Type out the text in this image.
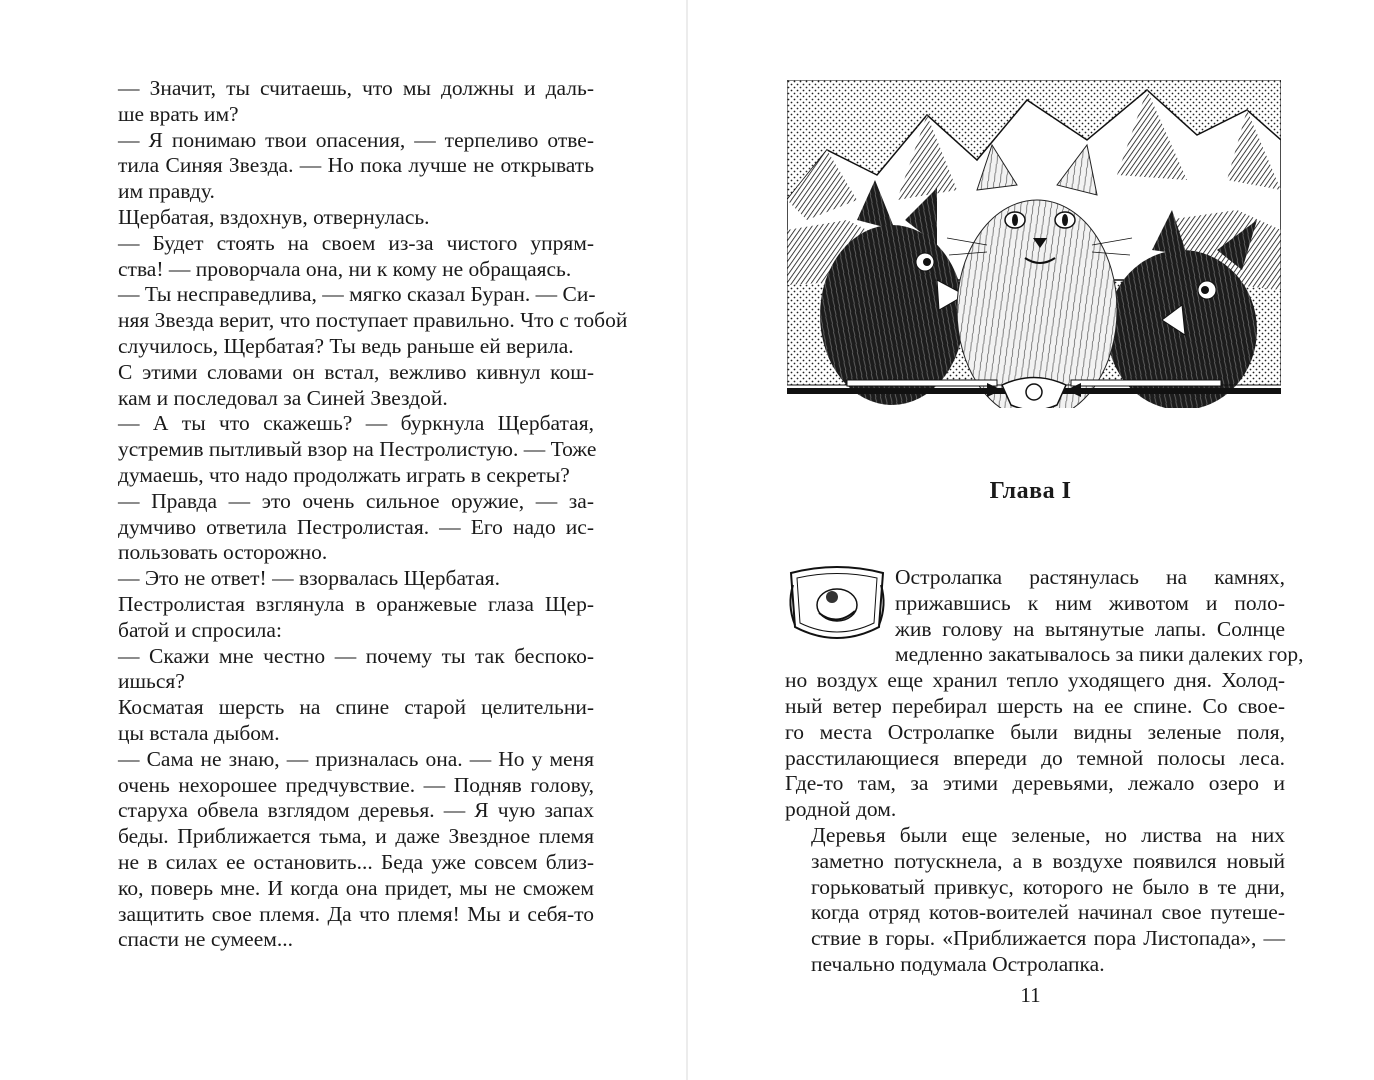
— Значит, ты считаешь, что мы должны и даль-
ше врать им?

— Я понимаю твои опасения, — терпеливо отве-
тила Синяя Звезда. — Но пока лучше не открывать
им правду.

Щербатая, вздохнув, отвернулась.

— Будет стоять на своем из-за чистого упрям-
ства! — проворчала она, ни к кому не обращаясь.

— Ты несправедлива, — мягко сказал Буран. — Си-
няя Звезда верит, что поступает правильно. Что с тобой
случилось, Щербатая? Ты ведь раньше ей верила.

С этими словами он встал, вежливо кивнул кош-
кам и последовал за Синей Звездой.

— А ты что скажешь? — буркнула Щербатая,
устремив пытливый взор на Пестролистую. — Тоже
думаешь, что надо продолжать играть в секреты?

— Правда — это очень сильное оружие, — за-
думчиво ответила Пестролистая. — Его надо ис-
пользовать осторожно.

— Это не ответ! — взорвалась Щербатая.

Пестролистая взглянула в оранжевые глаза Щер-
батой и спросила:

— Скажи мне честно — почему ты так беспоко-
ишься?

Косматая шерсть на спине старой целительни-
цы встала дыбом.

— Сама не знаю, — призналась она. — Но у меня
очень нехорошее предчувствие. — Подняв голову,
старуха обвела взглядом деревья. — Я чую запах
беды. Приближается тьма, и даже Звездное племя
не в силах ее остановить... Беда уже совсем близ-
ко, поверь мне. И когда она придет, мы не сможем
защитить свое племя. Да что племя! Мы и себя-то
спасти не сумеем...

Глава I

Остролапка растянулась на камнях,
прижавшись к ним животом и поло-
жив голову на вытянутые лапы. Солнце
медленно закатывалось за пики далеких гор,
но воздух еще хранил тепло уходящего дня. Холод-
ный ветер перебирал шерсть на ее спине. Со свое-
го места Остролапке были видны зеленые поля,
расстилающиеся впереди до темной полосы леса.
Где-то там, за этими деревьями, лежало озеро и
родной дом.

Деревья были еще зеленые, но листва на них
заметно потускнела, а в воздухе появился новый
горьковатый привкус, которого не было в те дни,
когда отряд котов-воителей начинал свое путеше-
ствие в горы. «Приближается пора Листопада», —
печально подумала Остролапка.

11
